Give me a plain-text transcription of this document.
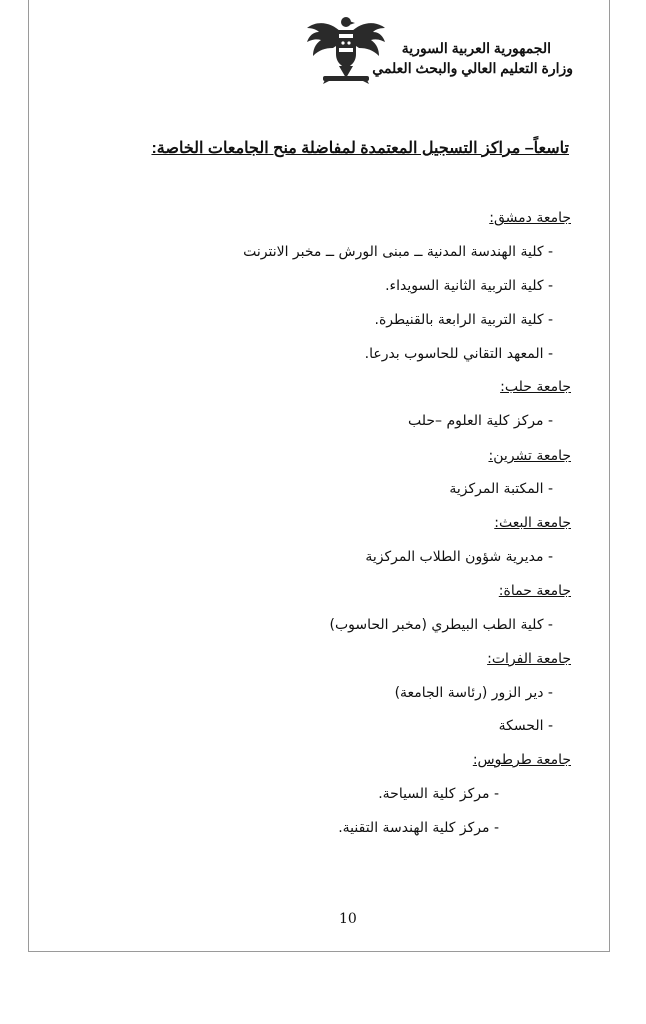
الجمهورية العربية السورية
وزارة التعليم العالي والبحث العلمي
تاسعاً– مراكز التسجيل المعتمدة لمفاضلة منح الجامعات الخاصة:
جامعة دمشق:
- كلية الهندسة المدنية ــ مبنى الورش ــ مخبر الانترنت
- كلية التربية الثانية السويداء.
- كلية التربية الرابعة بالقنيطرة.
- المعهد التقاني للحاسوب بدرعا.
جامعة حلب:
- مركز كلية العلوم –حلب
جامعة تشرين:
- المكتبة المركزية
جامعة البعث:
- مديرية شؤون الطلاب المركزية
جامعة حماة:
- كلية الطب البيطري (مخبر الحاسوب)
جامعة الفرات:
- دير الزور (رئاسة الجامعة)
- الحسكة
جامعة طرطوس:
- مركز كلية السياحة.
- مركز كلية الهندسة التقنية.
10
